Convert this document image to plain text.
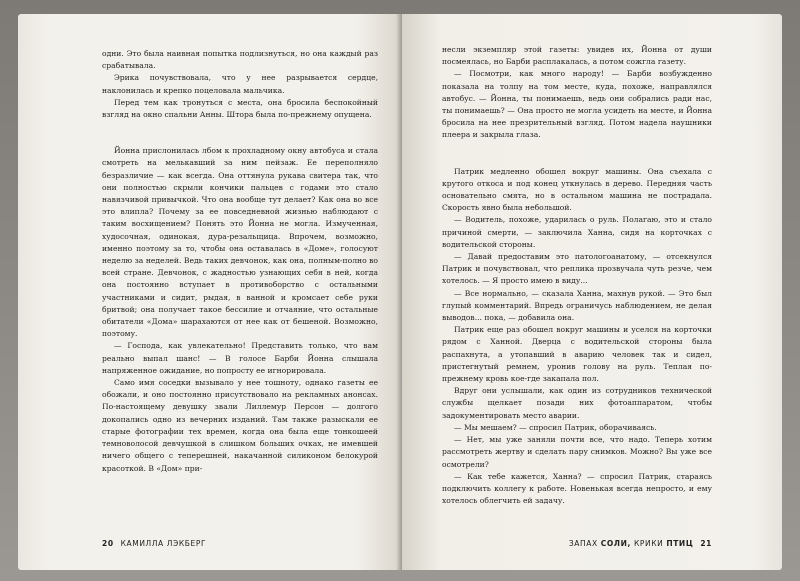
одни. Это была наивная попытка подлизнуться, но она каждый раз срабатывала.

Эрика почувствовала, что у нее разрывается сердце, наклонилась и крепко поцеловала мальчика.

Перед тем как тронуться с места, она бросила беспокойный взгляд на окно спальни Анны. Штора была по-прежнему опущена.

Йонна прислонилась лбом к прохладному окну автобуса и стала смотреть на мелькавший за ним пейзаж. Ее переполняло безразличие — как всегда. Она оттянула рукава свитера так, что они полностью скрыли кончики пальцев с годами это стало навязчивой привычкой. Что она вообще тут делает? Как она во все это влипла? Почему за ее повседневной жизнью наблюдают с таким восхищением? Понять это Йонна не могла. Измученная, худосочная, одинокая, дура-резальщица. Впрочем, возможно, именно поэтому за то, чтобы она оставалась в «Доме», голосуют неделю за неделей. Ведь таких девчонок, как она, полным-полно во всей стране. Девчонок, с жадностью узнающих себя в ней, когда она постоянно вступает в противоборство с остальными участниками и сидит, рыдая, в ванной и кромсает себе руки бритвой; она получает такое бессилие и отчаяние, что остальные обитатели «Дома» шарахаются от нее как от бешеной. Возможно, поэтому.

— Господа, как увлекательно! Представить только, что вам реально выпал шанс! — В голосе Барби Йонна слышала напряженное ожидание, но попросту ее игнорировала.

Само имя соседки вызывало у нее тошноту, однако газеты ее обожали, и оно постоянно присутствовало на рекламных анонсах. По-настоящему девушку звали Лиллемур Персон — долгого докопались одно из вечерних изданий. Там также разыскали ее старые фотографии тех времен, когда она была еще тонкошеей темноволосой девчушкой в слишком больших очках, не имевшей ничего общего с теперешней, накачанной силиконом белокурой красоткой. В «Дом» при-

20 КАМИЛЛА ЛЭКБЕРГ

несли экземпляр этой газеты: увидев их, Йонна от души посмеялась, но Барби расплакалась, а потом сожгла газету.

— Посмотри, как много народу! — Барби возбужденно показала на толпу на том месте, куда, похоже, направлялся автобус. — Йонна, ты понимаешь, ведь они собрались ради нас, ты понимаешь? — Она просто не могла усидеть на месте, и Йонна бросила на нее презрительный взгляд. Потом надела наушники плеера и закрыла глаза.

Патрик медленно обошел вокруг машины. Она съехала с крутого откоса и под конец уткнулась в дерево. Передняя часть основательно смята, но в остальном машина не пострадала. Скорость явно была небольшой.

— Водитель, похоже, ударилась о руль. Полагаю, это и стало причиной смерти, — заключила Ханна, сидя на корточках с водительской стороны.

— Давай предоставим это патологоанатому, — отсекнулся Патрик и почувствовал, что реплика прозвучала чуть резче, чем хотелось. — Я просто имею в виду...

— Все нормально, — сказала Ханна, махнув рукой. — Это был глупый комментарий. Впредь ограничусь наблюдением, не делая выводов... пока, — добавила она.

Патрик еще раз обошел вокруг машины и уселся на корточки рядом с Ханной. Дверца с водительской стороны была распахнута, а утопавший в аварию человек так и сидел, пристегнутый ремнем, уронив голову на руль. Теплая по-прежнему кровь кое-где закапала пол.

Вдруг они услышали, как один из сотрудников технической службы щелкает позади них фотоаппаратом, чтобы задокументировать место аварии.

— Мы мешаем? — спросил Патрик, оборачиваясь.

— Нет, мы уже заняли почти все, что надо. Теперь хотим рассмотреть жертву и сделать пару снимков. Можно? Вы уже все осмотрели?

— Как тебе кажется, Ханна? — спросил Патрик, стараясь подключить коллегу к работе. Новенькая всегда непросто, и ему хотелось облегчить ей задачу.

ЗАПАХ СОЛИ, КРИКИ ПТИЦ 21
